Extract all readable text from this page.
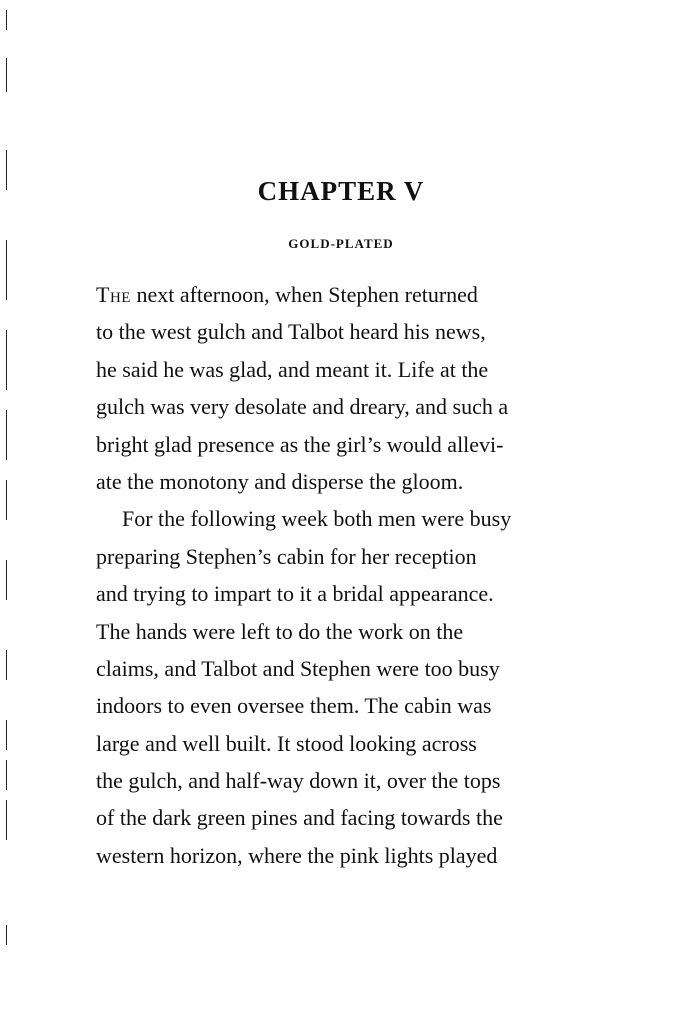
CHAPTER V
GOLD-PLATED
The next afternoon, when Stephen returned
to the west gulch and Talbot heard his news,
he said he was glad, and meant it. Life at the
gulch was very desolate and dreary, and such a
bright glad presence as the girl’s would allevi-
ate the monotony and disperse the gloom.
For the following week both men were busy
preparing Stephen’s cabin for her reception
and trying to impart to it a bridal appearance.
The hands were left to do the work on the
claims, and Talbot and Stephen were too busy
indoors to even oversee them. The cabin was
large and well built. It stood looking across
the gulch, and half-way down it, over the tops
of the dark green pines and facing towards the
western horizon, where the pink lights played
